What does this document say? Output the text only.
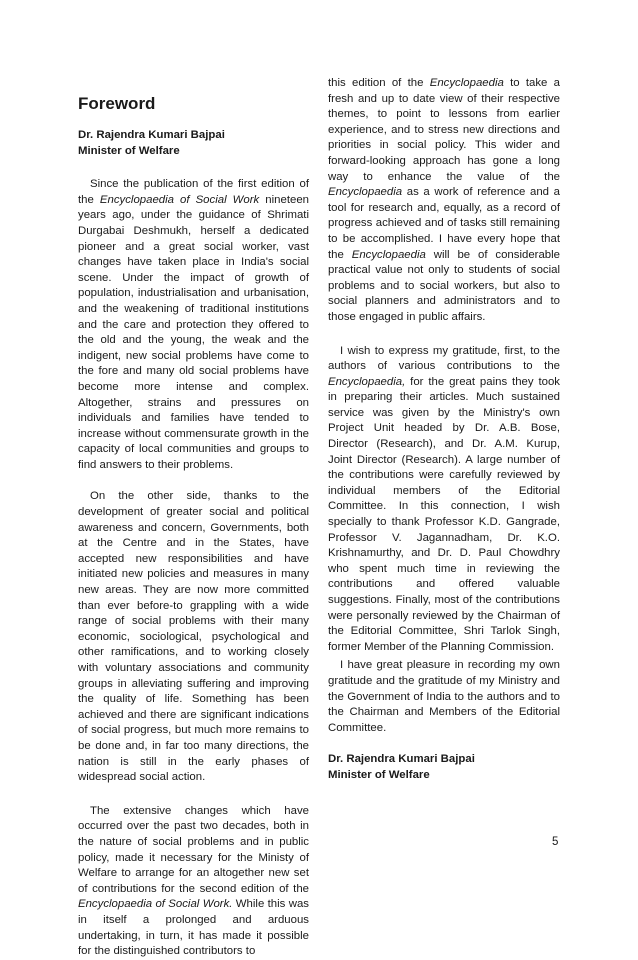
Foreword
Dr. Rajendra Kumari Bajpai
Minister of Welfare

Since the publication of the first edition of the Encyclopaedia of Social Work nineteen years ago, under the guidance of Shrimati Durgabai Deshmukh, herself a dedicated pioneer and a great social worker, vast changes have taken place in India's social scene. Under the impact of growth of population, industrialisation and urbanisation, and the weakening of traditional institutions and the care and protection they offered to the old and the young, the weak and the indigent, new social problems have come to the fore and many old social problems have become more intense and complex. Altogether, strains and pressures on individuals and families have tended to increase without commensurate growth in the capacity of local communities and groups to find answers to their problems.

On the other side, thanks to the development of greater social and political awareness and concern, Governments, both at the Centre and in the States, have accepted new responsibilities and have initiated new policies and measures in many new areas. They are now more committed than ever before-to grappling with a wide range of social problems with their many economic, sociological, psychological and other ramifications, and to working closely with voluntary associations and community groups in alleviating suffering and improving the quality of life. Something has been achieved and there are significant indications of social progress, but much more remains to be done and, in far too many directions, the nation is still in the early phases of widespread social action.

The extensive changes which have occurred over the past two decades, both in the nature of social problems and in public policy, made it necessary for the Ministy of Welfare to arrange for an altogether new set of contributions for the second edition of the Encyclopaedia of Social Work. While this was in itself a prolonged and arduous undertaking, in turn, it has made it possible for the distinguished contributors to

this edition of the Encyclopaedia to take a fresh and up to date view of their respective themes, to point to lessons from earlier experience, and to stress new directions and priorities in social policy. This wider and forward-looking approach has gone a long way to enhance the value of the Encyclopaedia as a work of reference and a tool for research and, equally, as a record of progress achieved and of tasks still remaining to be accomplished. I have every hope that the Encyclopaedia will be of considerable practical value not only to students of social problems and to social workers, but also to social planners and administrators and to those engaged in public affairs.

I wish to express my gratitude, first, to the authors of various contributions to the Encyclopaedia, for the great pains they took in preparing their articles. Much sustained service was given by the Ministry's own Project Unit headed by Dr. A.B. Bose, Director (Research), and Dr. A.M. Kurup, Joint Director (Research). A large number of the contributions were carefully reviewed by individual members of the Editorial Committee. In this connection, I wish specially to thank Professor K.D. Gangrade, Professor V. Jagannadham, Dr. K.O. Krishnamurthy, and Dr. D. Paul Chowdhry who spent much time in reviewing the contributions and offered valuable suggestions. Finally, most of the contributions were personally reviewed by the Chairman of the Editorial Committee, Shri Tarlok Singh, former Member of the Planning Commission.

I have great pleasure in recording my own gratitude and the gratitude of my Ministry and the Government of India to the authors and to the Chairman and Members of the Editorial Committee.

Dr. Rajendra Kumari Bajpai
Minister of Welfare
5
